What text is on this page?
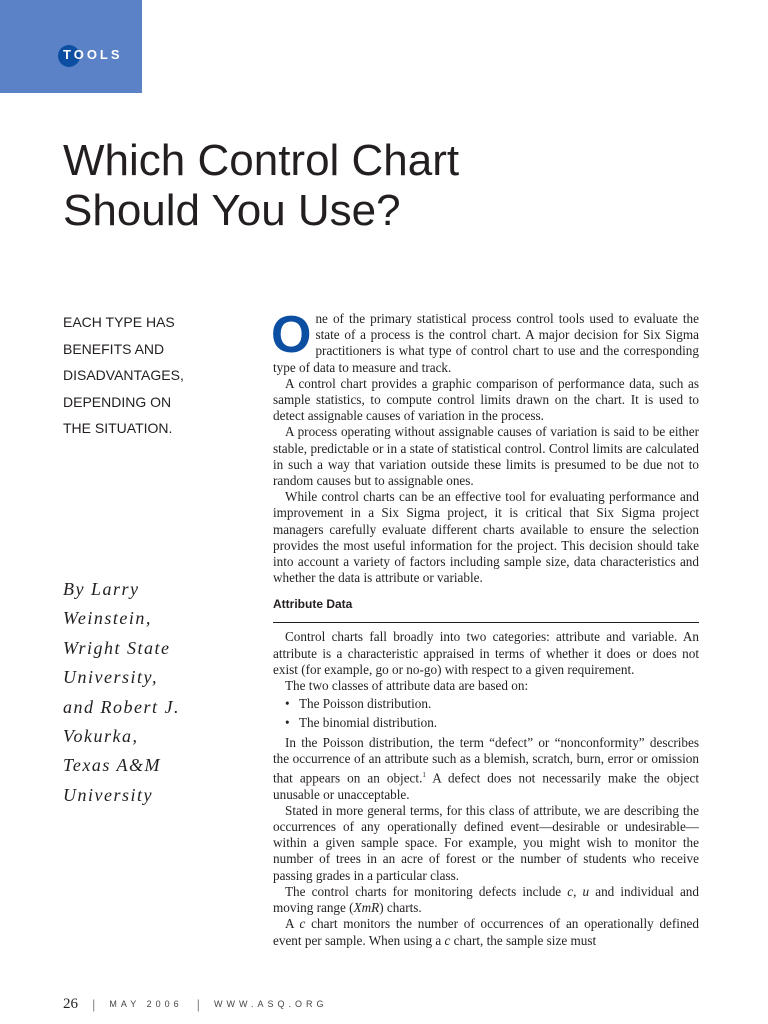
TOOLS
Which Control Chart
Should You Use?
EACH TYPE HAS
BENEFITS AND
DISADVANTAGES,
DEPENDING ON
THE SITUATION.
By Larry
Weinstein,
Wright State
University,
and Robert J.
Vokurka,
Texas A&M
University

One of the primary statistical process control tools used to evaluate the state of a process is the control chart. A major decision for Six Sigma practitioners is what type of control chart to use and the corresponding type of data to measure and track.

A control chart provides a graphic comparison of performance data, such as sample statistics, to compute control limits drawn on the chart. It is used to detect assignable causes of variation in the process.

A process operating without assignable causes of variation is said to be either stable, predictable or in a state of statistical control. Control limits are calculated in such a way that variation outside these limits is presumed to be due not to random causes but to assignable ones.

While control charts can be an effective tool for evaluating performance and improvement in a Six Sigma project, it is critical that Six Sigma project managers carefully evaluate different charts available to ensure the selection provides the most useful information for the project. This decision should take into account a variety of factors including sample size, data characteristics and whether the data is attribute or variable.

Attribute Data

Control charts fall broadly into two categories: attribute and variable. An attribute is a characteristic appraised in terms of whether it does or does not exist (for example, go or no-go) with respect to a given requirement.

The two classes of attribute data are based on:

• The Poisson distribution.
• The binomial distribution.

In the Poisson distribution, the term “defect” or “nonconformity” describes the occurrence of an attribute such as a blemish, scratch, burn, error or omission that appears on an object.$^1$ A defect does not necessarily make the object unusable or unacceptable.

Stated in more general terms, for this class of attribute, we are describing the occurrences of any operationally defined event—desirable or undesirable—within a given sample space. For example, you might wish to monitor the number of trees in an acre of forest or the number of students who receive passing grades in a particular class.

The control charts for monitoring defects include c, u and individual and moving range (XmR) charts.

A c chart monitors the number of occurrences of an operationally defined event per sample. When using a c chart, the sample size must

26 | MAY 2006 | WWW.ASQ.ORG
